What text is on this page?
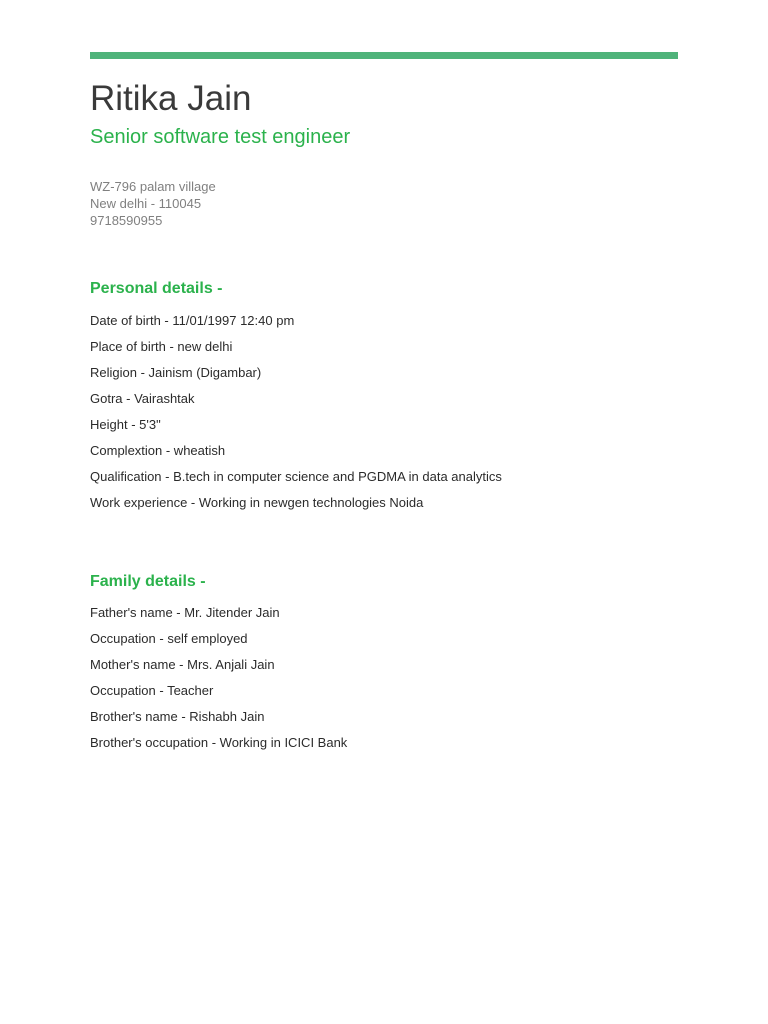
Ritika Jain
Senior software test engineer
WZ-796 palam village
New delhi - 110045
9718590955
Personal details -
Date of birth - 11/01/1997 12:40 pm
Place of birth - new delhi
Religion - Jainism (Digambar)
Gotra - Vairashtak
Height - 5'3"
Complextion - wheatish
Qualification - B.tech in computer science and PGDMA in data analytics
Work experience - Working in newgen technologies Noida
Family details -
Father's name - Mr. Jitender Jain
Occupation - self employed
Mother's name - Mrs. Anjali Jain
Occupation - Teacher
Brother's name - Rishabh Jain
Brother's occupation - Working in ICICI Bank
